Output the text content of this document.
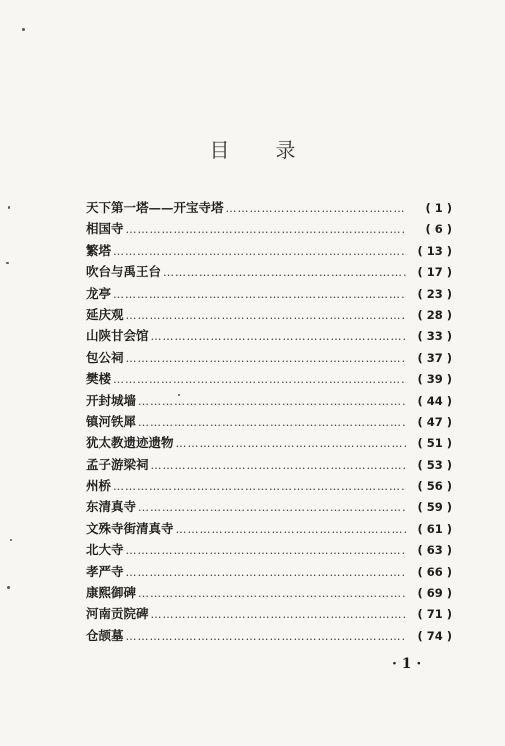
目录
天下第一塔——开宝寺塔 ………………………………………………………………………………………………………………………………	( 1 )
相国寺 ………………………………………………………………………………………………………………………………	( 6 )
繁塔 ………………………………………………………………………………………………………………………………	( 13 )
吹台与禹王台 ………………………………………………………………………………………………………………………………	( 17 )
龙亭 ………………………………………………………………………………………………………………………………	( 23 )
延庆观 ………………………………………………………………………………………………………………………………	( 28 )
山陕甘会馆 ………………………………………………………………………………………………………………………………	( 33 )
包公祠 ………………………………………………………………………………………………………………………………	( 37 )
樊楼 ………………………………………………………………………………………………………………………………	( 39 )
开封城墙 ………………………………………………………………………………………………………………………………	( 44 )
镇河铁犀 ………………………………………………………………………………………………………………………………	( 47 )
犹太教遗迹遗物 ………………………………………………………………………………………………………………………………	( 51 )
孟子游梁祠 ………………………………………………………………………………………………………………………………	( 53 )
州桥 ………………………………………………………………………………………………………………………………	( 56 )
东清真寺 ………………………………………………………………………………………………………………………………	( 59 )
文殊寺街清真寺 ………………………………………………………………………………………………………………………………	( 61 )
北大寺 ………………………………………………………………………………………………………………………………	( 63 )
孝严寺 ………………………………………………………………………………………………………………………………	( 66 )
康熙御碑 ………………………………………………………………………………………………………………………………	( 69 )
河南贡院碑 ………………………………………………………………………………………………………………………………	( 71 )
仓颉墓 ………………………………………………………………………………………………………………………………	( 74 )
· 1 ·
